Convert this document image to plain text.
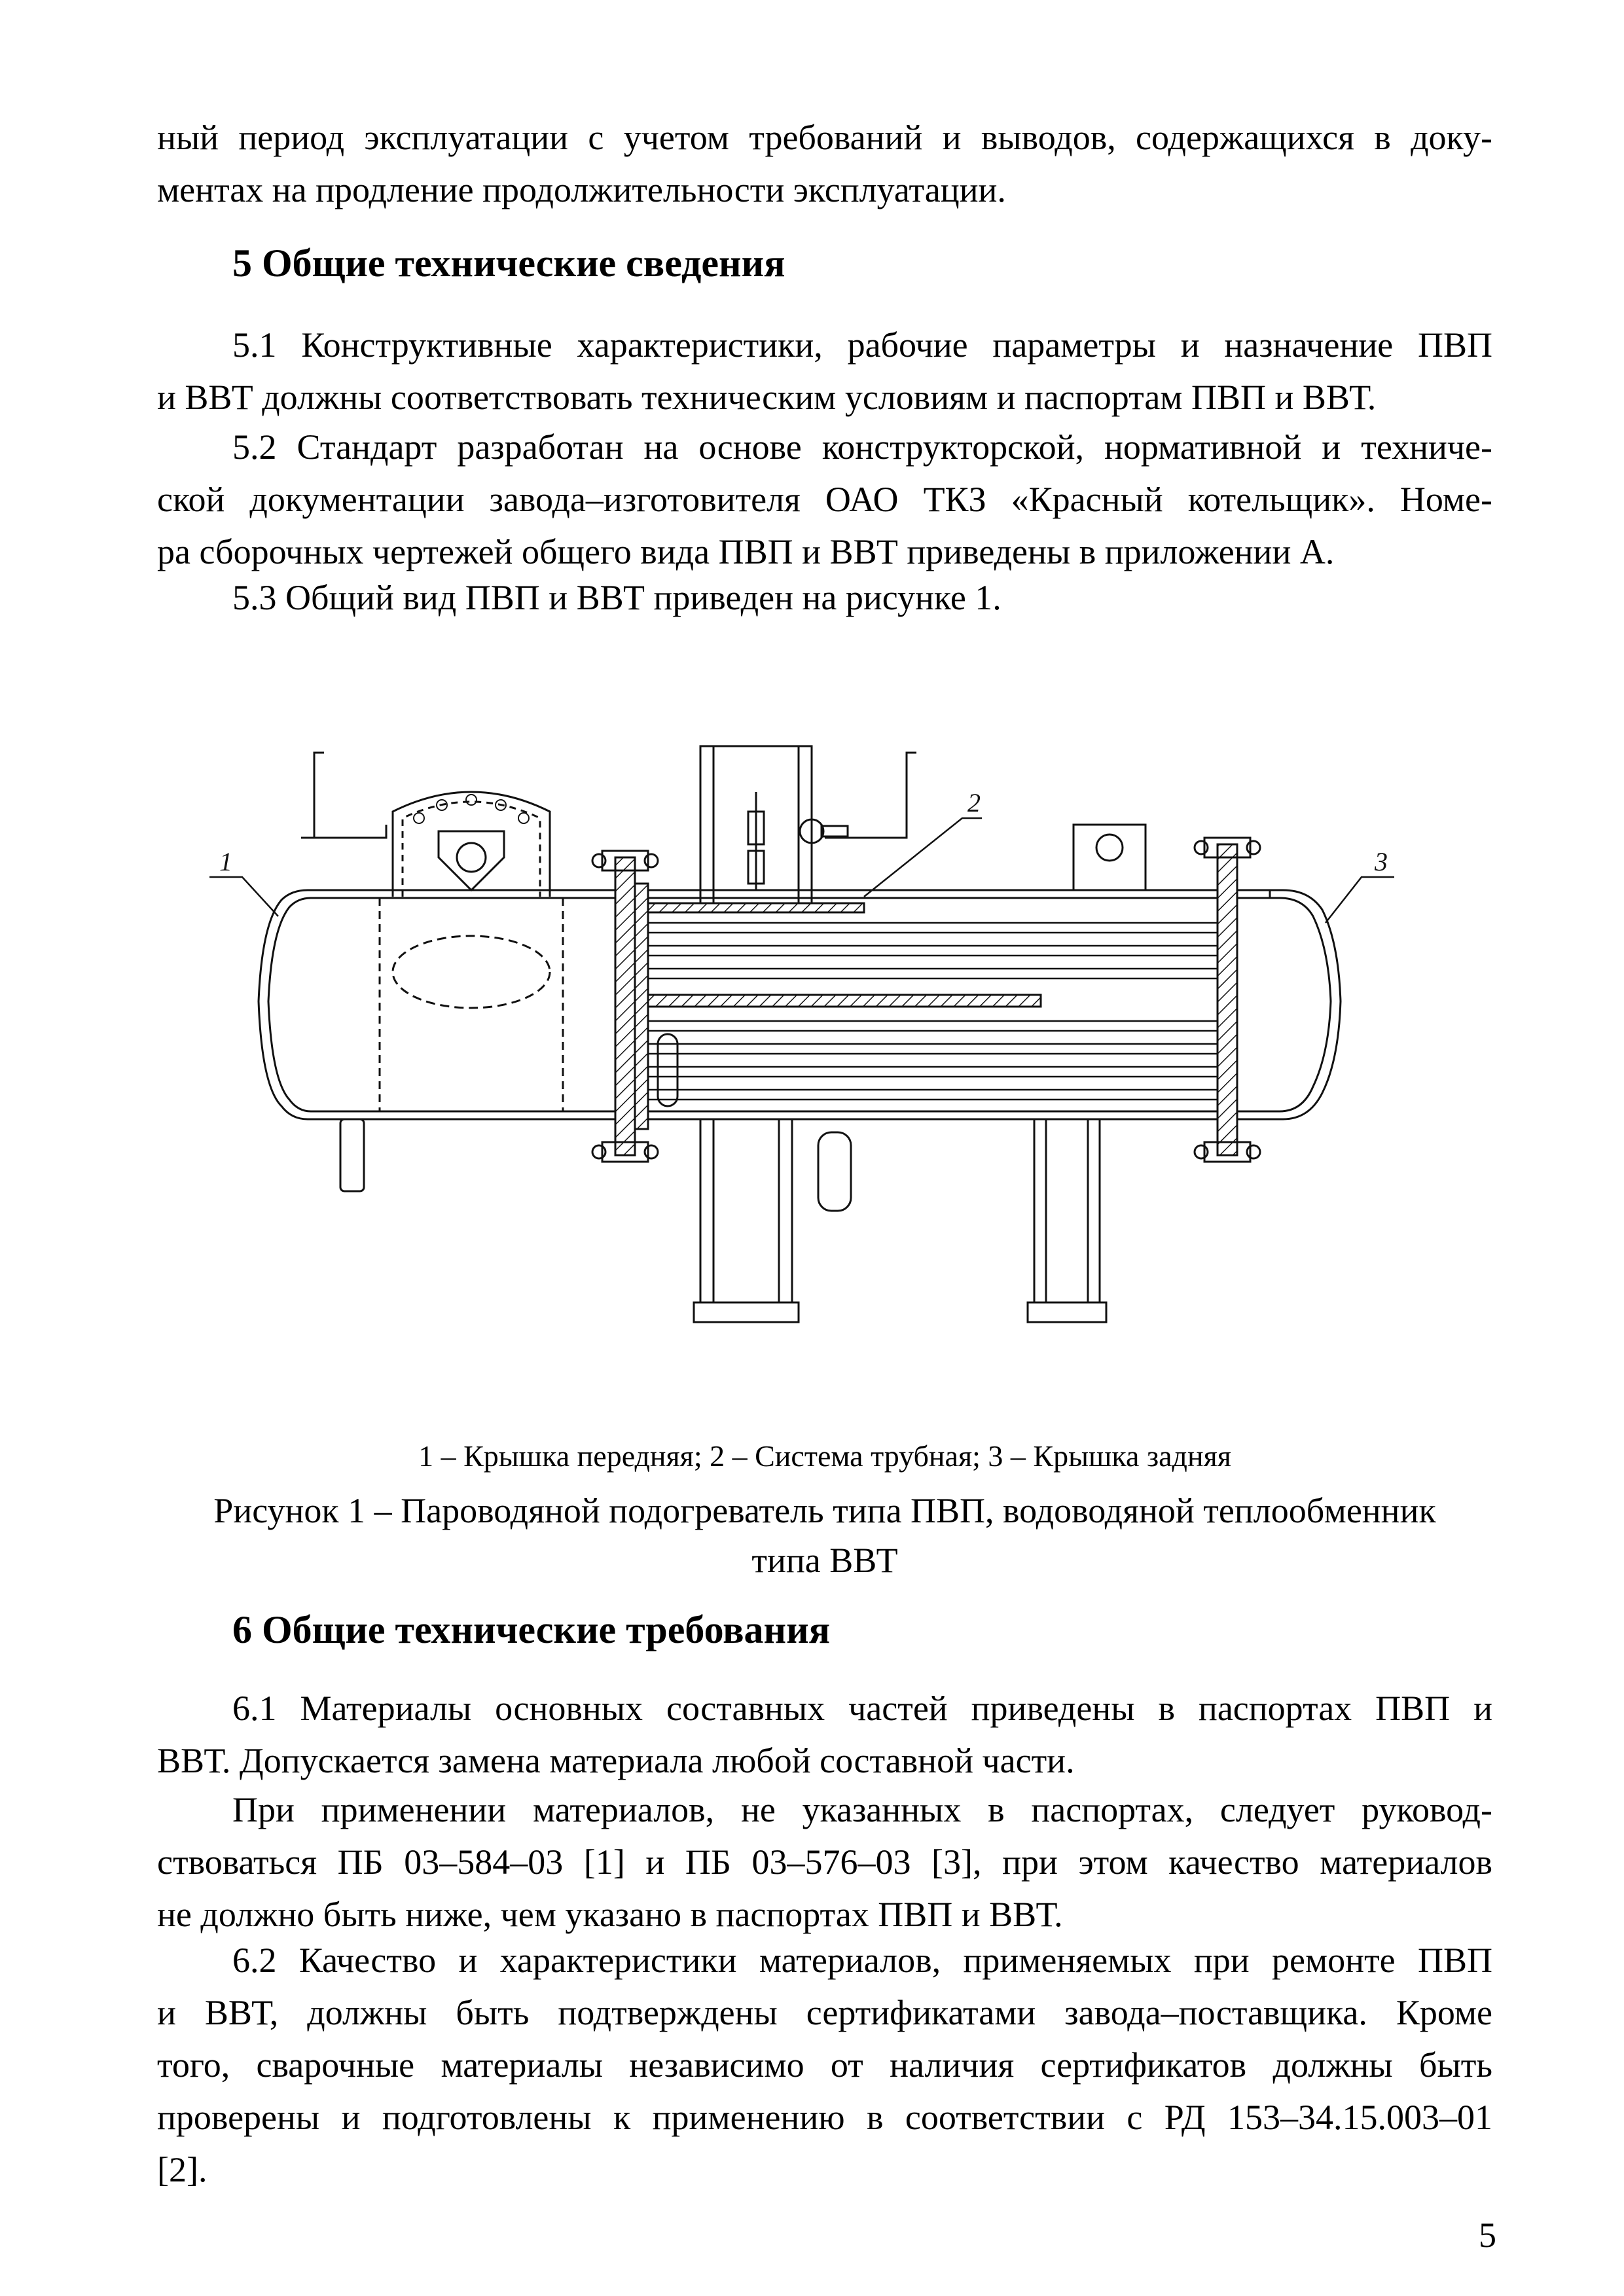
ный период эксплуатации с учетом требований и выводов, содержащихся в доку-
ментах на продление продолжительности эксплуатации.
5 Общие технические сведения
5.1 Конструктивные характеристики, рабочие параметры и назначение ПВП
и ВВТ должны соответствовать техническим условиям и паспортам ПВП и ВВТ.
5.2 Стандарт разработан на основе конструкторской, нормативной и техниче-
ской документации завода–изготовителя ОАО ТКЗ «Красный котельщик». Номе-
ра сборочных чертежей общего вида ПВП и ВВТ приведены в приложении А.
5.3 Общий вид ПВП и ВВТ приведен на рисунке 1.
1
2
3
1 – Крышка передняя; 2 – Система трубная; 3 – Крышка задняя
Рисунок 1 – Пароводяной подогреватель типа ПВП, водоводяной теплообменник
типа ВВТ
6 Общие технические требования
6.1 Материалы основных составных частей приведены в паспортах ПВП и
ВВТ. Допускается замена материала любой составной части.
При применении материалов, не указанных в паспортах, следует руковод-
ствоваться ПБ 03–584–03 [1] и ПБ 03–576–03 [3], при этом качество материалов
не должно быть ниже, чем указано в паспортах ПВП и ВВТ.
6.2 Качество и характеристики материалов, применяемых при ремонте ПВП
и ВВТ, должны быть подтверждены сертификатами завода–поставщика. Кроме
того, сварочные материалы независимо от наличия сертификатов должны быть
проверены и подготовлены к применению в соответствии с РД 153–34.15.003–01
[2].
5
